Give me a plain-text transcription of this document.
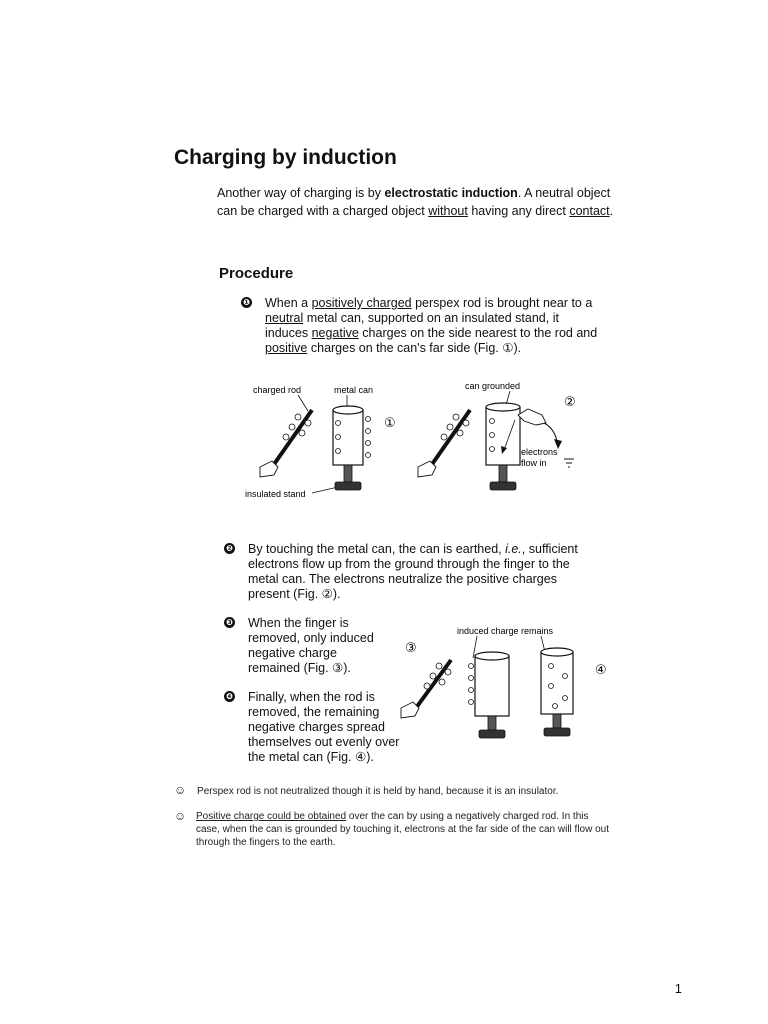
Charging by induction
Another way of charging is by electrostatic induction. A neutral object can be charged with a charged object without having any direct contact.
Procedure
❶ When a positively charged perspex rod is brought near to a neutral metal can, supported on an insulated stand, it induces negative charges on the side nearest to the rod and positive charges on the can's far side (Fig. ①).
charged rod	metal can	can grounded
insulated stand
electrons
flow in
①
②
❷ By touching the metal can, the can is earthed, i.e., sufficient electrons flow up from the ground through the finger to the metal can. The electrons neutralize the positive charges present (Fig. ②).
❸ When the finger is removed, only induced negative charge remained (Fig. ③).
❹ Finally, when the rod is removed, the remaining negative charges spread themselves out evenly over the metal can (Fig. ④).
induced charge remains
③
④
☺ Perspex rod is not neutralized though it is held by hand, because it is an insulator.
☺ Positive charge could be obtained over the can by using a negatively charged rod. In this case, when the can is grounded by touching it, electrons at the far side of the can will flow out through the fingers to the earth.
1
